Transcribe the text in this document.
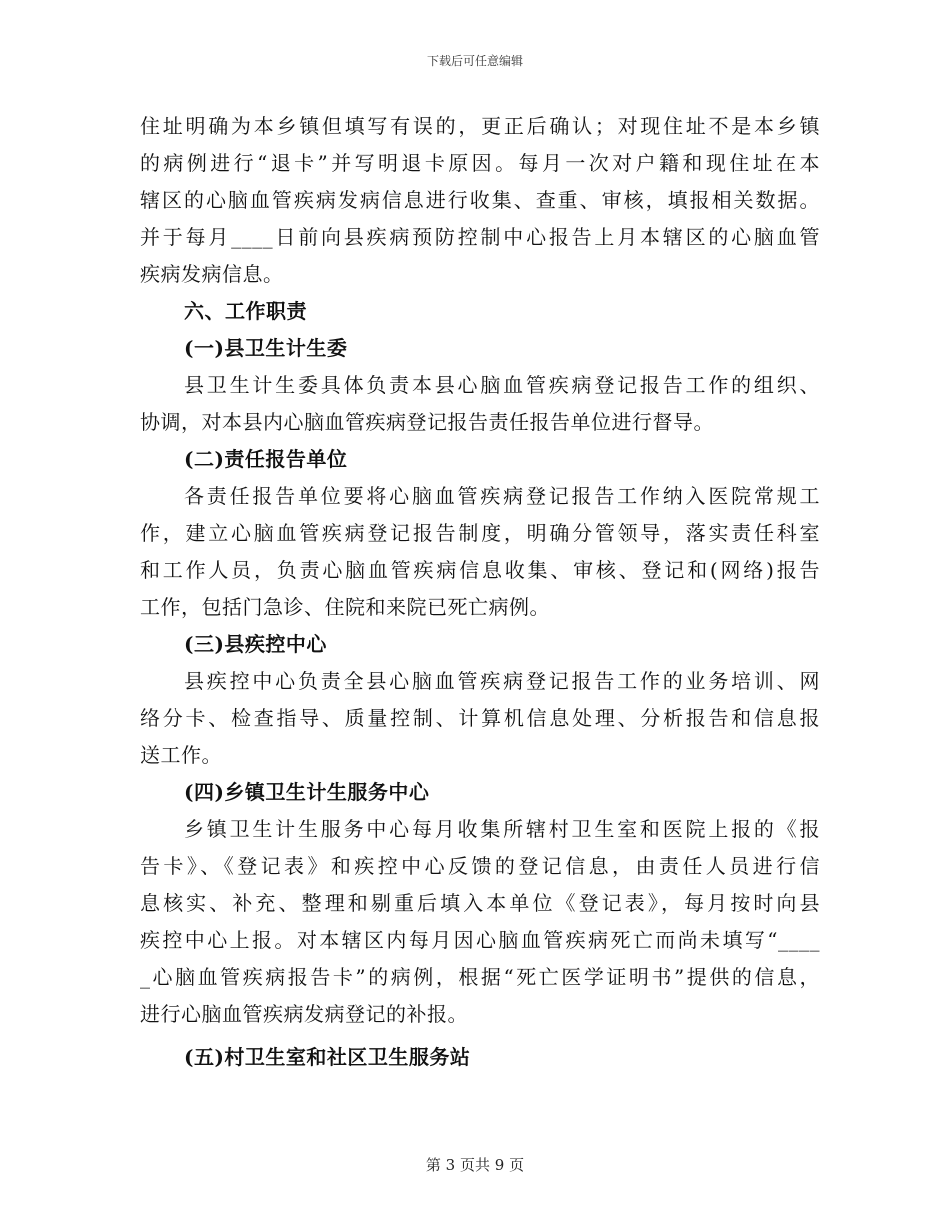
下载后可任意编辑
住址明确为本乡镇但填写有误的，更正后确认；对现住址不是本乡镇
的病例进行“退卡”并写明退卡原因。每月一次对户籍和现住址在本
辖区的心脑血管疾病发病信息进行收集、查重、审核，填报相关数据。
并于每月____日前向县疾病预防控制中心报告上月本辖区的心脑血管
疾病发病信息。
六、工作职责
(一)县卫生计生委
县卫生计生委具体负责本县心脑血管疾病登记报告工作的组织、
协调，对本县内心脑血管疾病登记报告责任报告单位进行督导。
(二)责任报告单位
各责任报告单位要将心脑血管疾病登记报告工作纳入医院常规工
作，建立心脑血管疾病登记报告制度，明确分管领导，落实责任科室
和工作人员，负责心脑血管疾病信息收集、审核、登记和(网络)报告
工作，包括门急诊、住院和来院已死亡病例。
(三)县疾控中心
县疾控中心负责全县心脑血管疾病登记报告工作的业务培训、网
络分卡、检查指导、质量控制、计算机信息处理、分析报告和信息报
送工作。
(四)乡镇卫生计生服务中心
乡镇卫生计生服务中心每月收集所辖村卫生室和医院上报的《报
告卡》、《登记表》和疾控中心反馈的登记信息，由责任人员进行信
息核实、补充、整理和剔重后填入本单位《登记表》，每月按时向县
疾控中心上报。对本辖区内每月因心脑血管疾病死亡而尚未填写“____
_心脑血管疾病报告卡”的病例，根据“死亡医学证明书”提供的信息，
进行心脑血管疾病发病登记的补报。
(五)村卫生室和社区卫生服务站
第 3 页共 9 页
